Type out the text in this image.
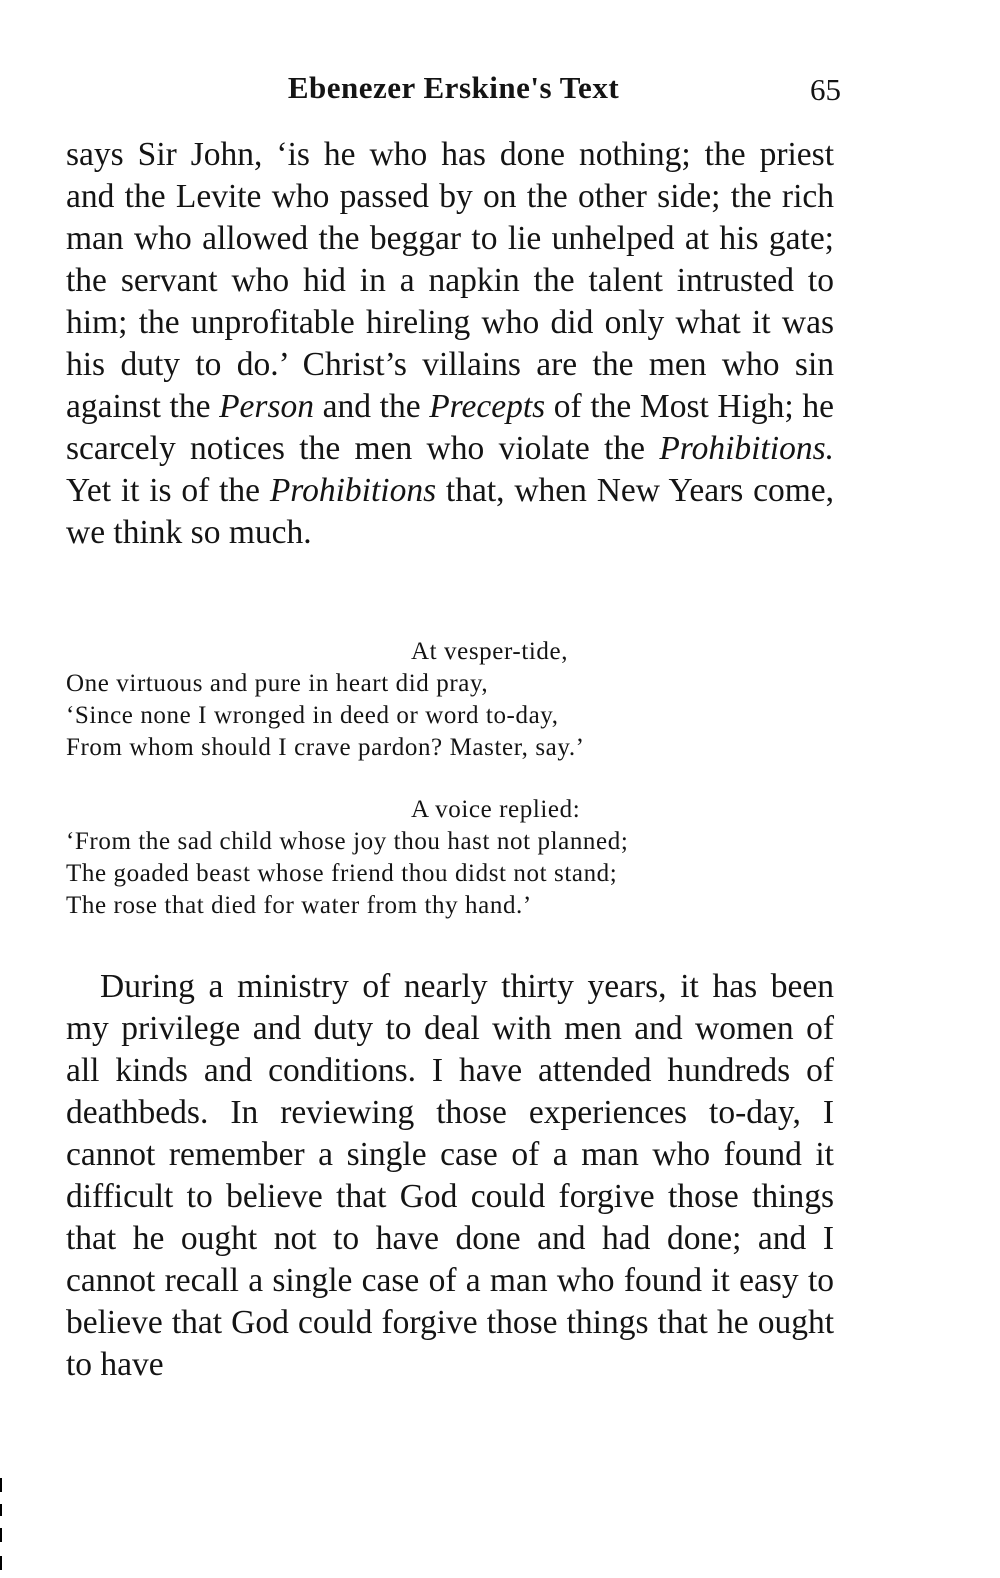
Ebenezer Erskine's Text	65

says Sir John, ‘is he who has done nothing; the priest and the Levite who passed by on the other side; the rich man who allowed the beggar to lie unhelped at his gate; the servant who hid in a napkin the talent intrusted to him; the unprofitable hireling who did only what it was his duty to do.’ Christ’s villains are the men who sin against the Person and the Precepts of the Most High; he scarcely notices the men who violate the Prohibitions. Yet it is of the Prohibitions that, when New Years come, we think so much.

At vesper-tide,
One virtuous and pure in heart did pray,
‘Since none I wronged in deed or word to-day,
From whom should I crave pardon? Master, say.’
A voice replied:
‘From the sad child whose joy thou hast not planned;
The goaded beast whose friend thou didst not stand;
The rose that died for water from thy hand.’

During a ministry of nearly thirty years, it has been my privilege and duty to deal with men and women of all kinds and conditions. I have attended hundreds of deathbeds. In reviewing those experiences to-day, I cannot remember a single case of a man who found it difficult to believe that God could forgive those things that he ought not to have done and had done; and I cannot recall a single case of a man who found it easy to believe that God could forgive those things that he ought to have
